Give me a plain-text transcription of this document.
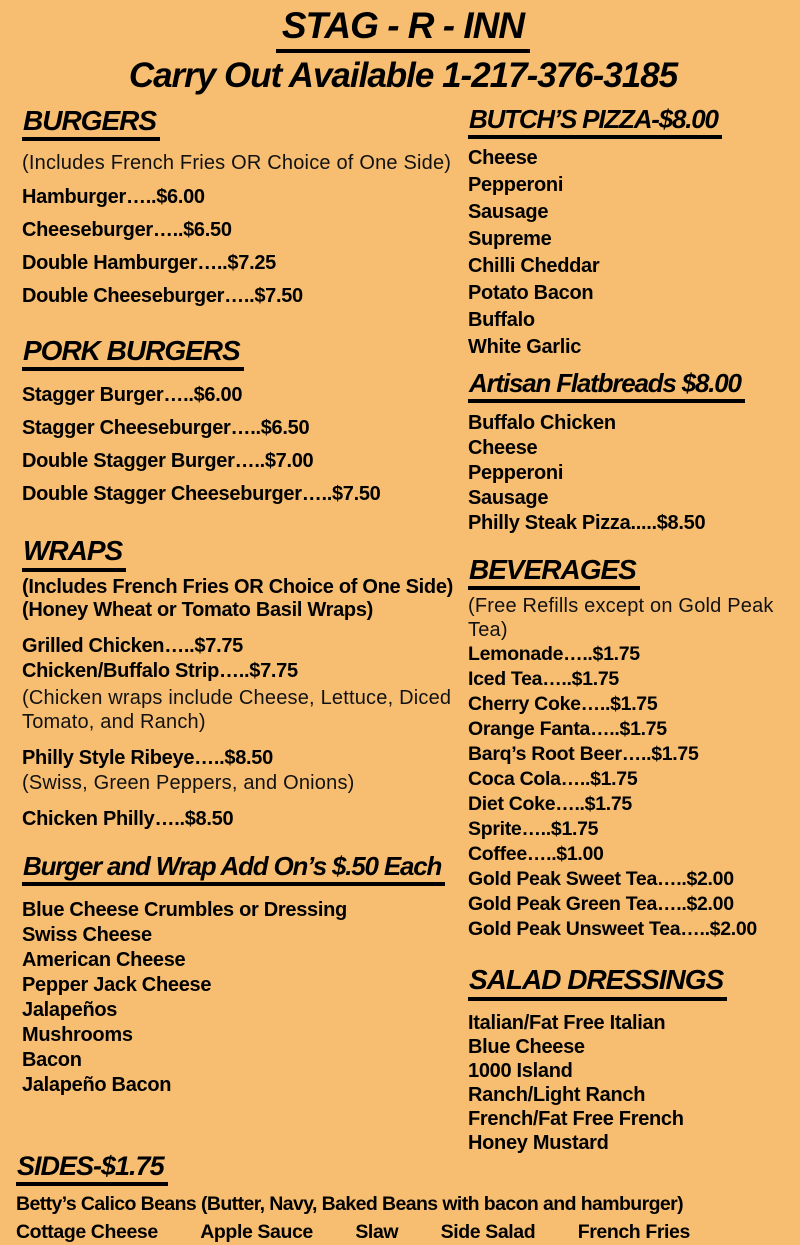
STAG - R - INN
Carry Out Available 1-217-376-3185
BURGERS
(Includes French Fries OR Choice of One Side)
Hamburger…..$6.00
Cheeseburger…..$6.50
Double Hamburger…..$7.25
Double Cheeseburger…..$7.50
PORK BURGERS
Stagger Burger…..$6.00
Stagger Cheeseburger…..$6.50
Double Stagger Burger…..$7.00
Double Stagger Cheeseburger…..$7.50
WRAPS
(Includes French Fries OR Choice of One Side)
(Honey Wheat or Tomato Basil Wraps)
Grilled Chicken…..$7.75
Chicken/Buffalo Strip…..$7.75
(Chicken wraps include Cheese, Lettuce, Diced Tomato, and Ranch)
Philly Style Ribeye…..$8.50
(Swiss, Green Peppers, and Onions)
Chicken Philly…..$8.50
Burger and Wrap Add On’s $.50 Each
Blue Cheese Crumbles or Dressing
Swiss Cheese
American Cheese
Pepper Jack Cheese
Jalapeños
Mushrooms
Bacon
Jalapeño Bacon
BUTCH’S PIZZA-$8.00
Cheese
Pepperoni
Sausage
Supreme
Chilli Cheddar
Potato Bacon
Buffalo
White Garlic
Artisan Flatbreads $8.00
Buffalo Chicken
Cheese
Pepperoni
Sausage
Philly Steak Pizza.....$8.50
BEVERAGES
(Free Refills except on Gold Peak Tea)
Lemonade…..$1.75
Iced Tea…..$1.75
Cherry Coke…..$1.75
Orange Fanta…..$1.75
Barq’s Root Beer…..$1.75
Coca Cola…..$1.75
Diet Coke…..$1.75
Sprite…..$1.75
Coffee…..$1.00
Gold Peak Sweet Tea…..$2.00
Gold Peak Green Tea…..$2.00
Gold Peak Unsweet Tea…..$2.00
SALAD DRESSINGS
Italian/Fat Free Italian
Blue Cheese
1000 Island
Ranch/Light Ranch
French/Fat Free French
Honey Mustard
SIDES-$1.75
Betty’s Calico Beans (Butter, Navy, Baked Beans with bacon and hamburger)
Cottage Cheese Apple Sauce Slaw Side Salad French Fries
